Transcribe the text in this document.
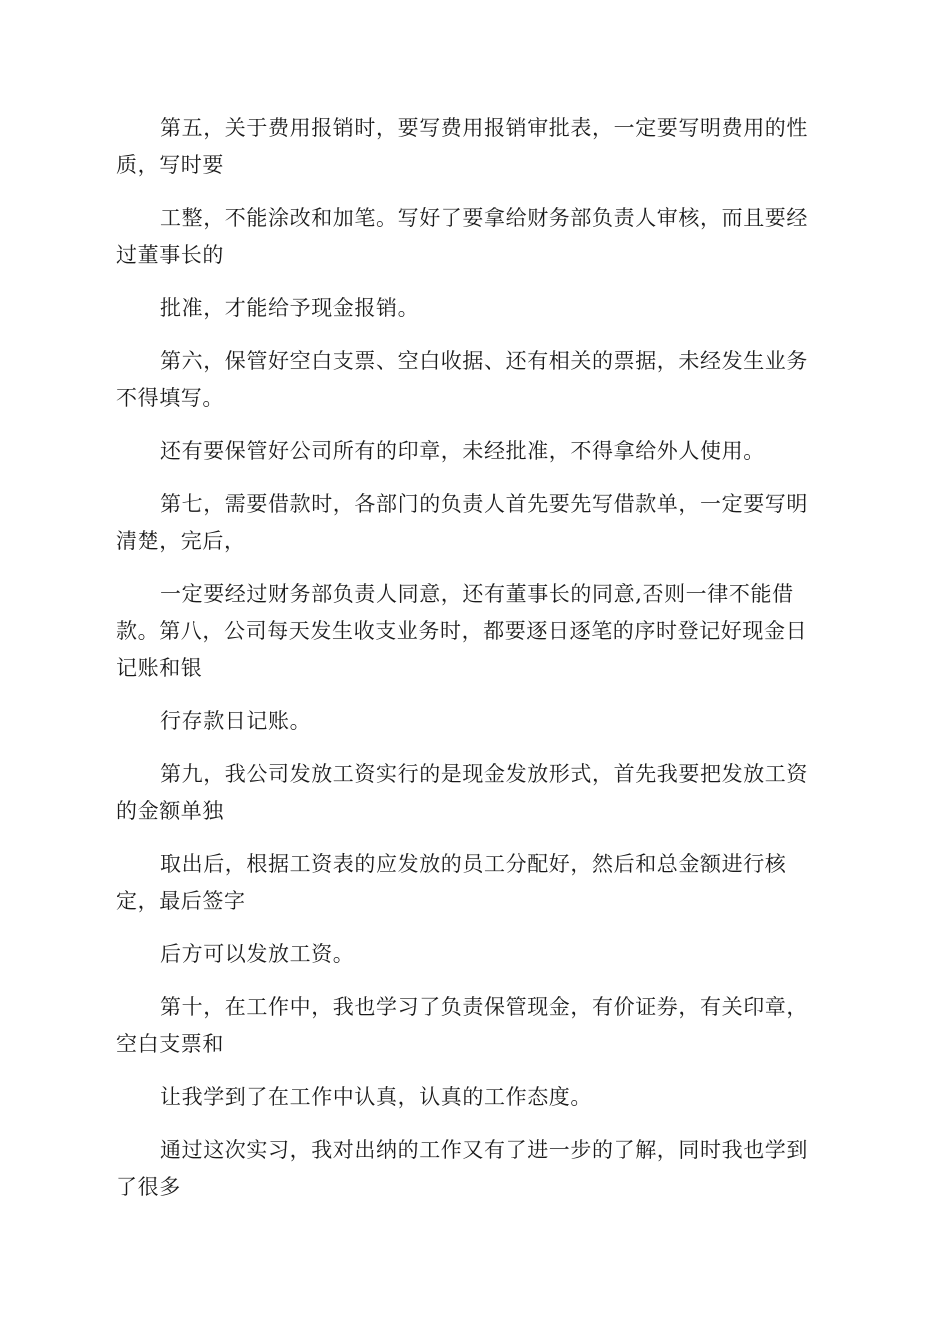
第五，关于费用报销时，要写费用报销审批表，一定要写明费用的性
质，写时要

工整，不能涂改和加笔。写好了要拿给财务部负责人审核，而且要经
过董事长的

批准，才能给予现金报销。

第六，保管好空白支票、空白收据、还有相关的票据，未经发生业务
不得填写。

还有要保管好公司所有的印章，未经批准，不得拿给外人使用。

第七，需要借款时，各部门的负责人首先要先写借款单，一定要写明
清楚，完后，

一定要经过财务部负责人同意，还有董事长的同意,否则一律不能借
款。第八，公司每天发生收支业务时，都要逐日逐笔的序时登记好现金日
记账和银

行存款日记账。

第九，我公司发放工资实行的是现金发放形式，首先我要把发放工资
的金额单独

取出后，根据工资表的应发放的员工分配好，然后和总金额进行核
定，最后签字

后方可以发放工资。

第十，在工作中，我也学习了负责保管现金，有价证券，有关印章，
空白支票和

让我学到了在工作中认真，认真的工作态度。

通过这次实习，我对出纳的工作又有了进一步的了解，同时我也学到
了很多
